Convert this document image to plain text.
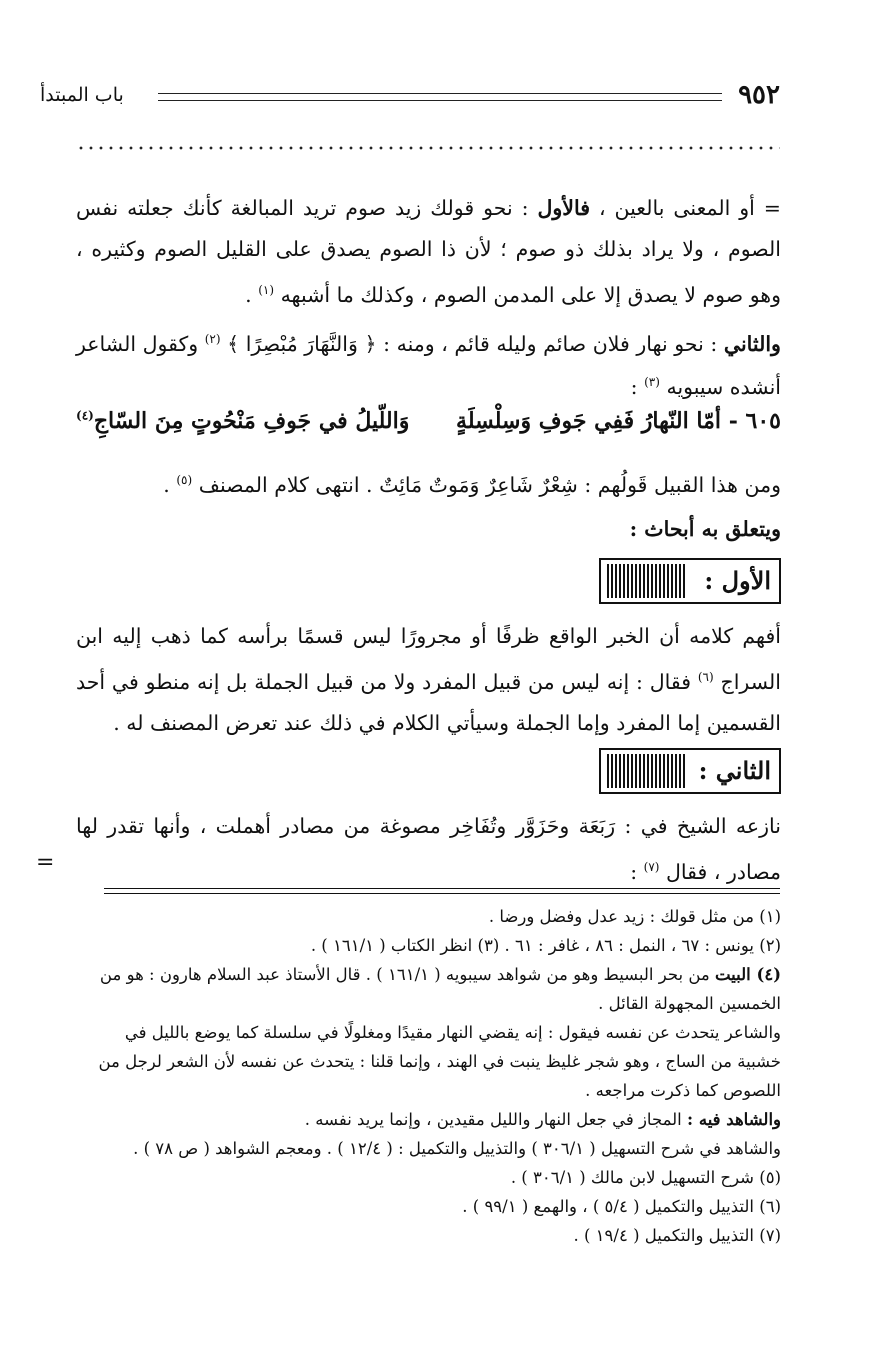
٩٥٢
باب المبتدأ
= أو المعنى بالعين ، فالأول : نحو قولك زيد صوم تريد المبالغة كأنك جعلته نفس الصوم ، ولا يراد بذلك ذو صوم ؛ لأن ذا الصوم يصدق على القليل الصوم وكثيره ، وهو صوم لا يصدق إلا على المدمن الصوم ، وكذلك ما أشبهه $^{(١)}$ .
والثاني : نحو نهار فلان صائم وليله قائم ، ومنه : ﴿ وَالنَّهَارَ مُبْصِرًا ﴾ $^{(٢)}$ وكقول الشاعر أنشده سيبويه $^{(٣)}$ :
٦٠٥ -
أمّا النّهارُ فَفِي جَوفِ وَسِلْسِلَةٍ
وَاللّيلُ في جَوفِ مَنْحُوتٍ مِنَ السّاجِ$^{(٤)}$
ومن هذا القبيل قَولُهم : شِعْرٌ شَاعِرٌ وَمَوتٌ مَائِتٌ . انتهى كلام المصنف $^{(٥)}$ .
ويتعلق به أبحاث :
الأول :
أفهم كلامه أن الخبر الواقع ظرفًا أو مجرورًا ليس قسمًا برأسه كما ذهب إليه ابن السراج $^{(٦)}$ فقال : إنه ليس من قبيل المفرد ولا من قبيل الجملة بل إنه منطو في أحد القسمين إما المفرد وإما الجملة وسيأتي الكلام في ذلك عند تعرض المصنف له .
الثاني :
نازعه الشيخ في : رَبَعَة وحَزَوَّر وتُفَاخِر مصوغة من مصادر أهملت ، وأنها تقدر لها مصادر ، فقال $^{(٧)}$ :
=
(١) من مثل قولك : زيد عدل وفضل ورضا .
(٢) يونس : ٦٧ ، النمل : ٨٦ ، غافر : ٦١ . (٣) انظر الكتاب ( ١٦١/١ ) .
(٤) البيت من بحر البسيط وهو من شواهد سيبويه ( ١٦١/١ ) . قال الأستاذ عبد السلام هارون : هو من الخمسين المجهولة القائل .
والشاعر يتحدث عن نفسه فيقول : إنه يقضي النهار مقيدًا ومغلولًا في سلسلة كما يوضع بالليل في خشبية من الساج ، وهو شجر غليظ ينبت في الهند ، وإنما قلنا : يتحدث عن نفسه لأن الشعر لرجل من اللصوص كما ذكرت مراجعه .
والشاهد فيه : المجاز في جعل النهار والليل مقيدين ، وإنما يريد نفسه .
والشاهد في شرح التسهيل ( ٣٠٦/١ ) والتذييل والتكميل : ( ١٢/٤ ) . ومعجم الشواهد ( ص ٧٨ ) .
(٥) شرح التسهيل لابن مالك ( ٣٠٦/١ ) .
(٦) التذييل والتكميل ( ٥/٤ ) ، والهمع ( ٩٩/١ ) .
(٧) التذييل والتكميل ( ١٩/٤ ) .
